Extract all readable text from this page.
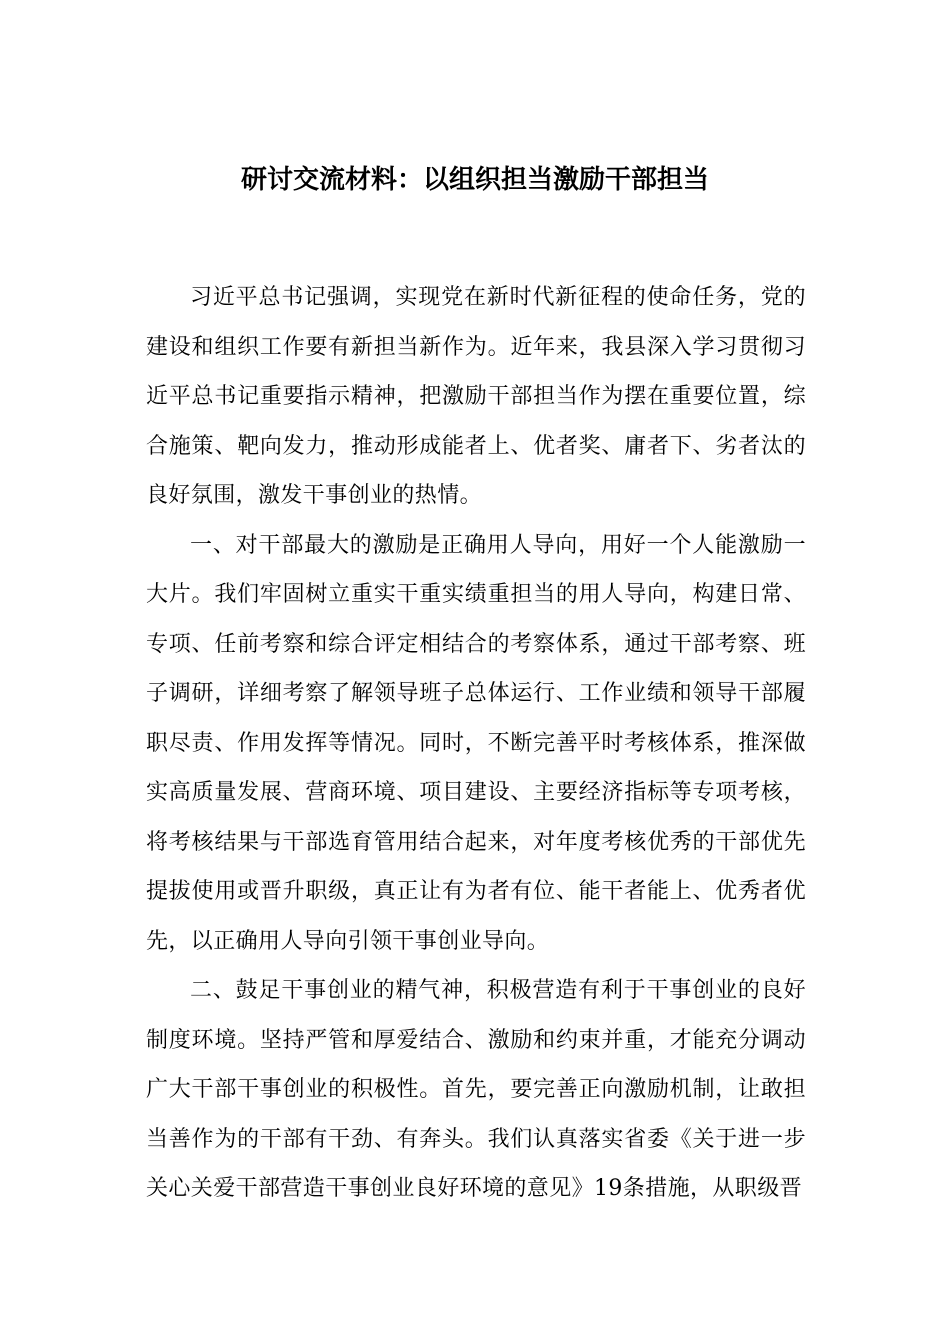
研讨交流材料：以组织担当激励干部担当

习近平总书记强调，实现党在新时代新征程的使命任务，党的建设和组织工作要有新担当新作为。近年来，我县深入学习贯彻习近平总书记重要指示精神，把激励干部担当作为摆在重要位置，综合施策、靶向发力，推动形成能者上、优者奖、庸者下、劣者汰的良好氛围，激发干事创业的热情。

一、对干部最大的激励是正确用人导向，用好一个人能激励一大片。我们牢固树立重实干重实绩重担当的用人导向，构建日常、专项、任前考察和综合评定相结合的考察体系，通过干部考察、班子调研，详细考察了解领导班子总体运行、工作业绩和领导干部履职尽责、作用发挥等情况。同时，不断完善平时考核体系，推深做实高质量发展、营商环境、项目建设、主要经济指标等专项考核，将考核结果与干部选育管用结合起来，对年度考核优秀的干部优先提拔使用或晋升职级，真正让有为者有位、能干者能上、优秀者优先，以正确用人导向引领干事创业导向。

二、鼓足干事创业的精气神，积极营造有利于干事创业的良好制度环境。坚持严管和厚爱结合、激励和约束并重，才能充分调动广大干部干事创业的积极性。首先，要完善正向激励机制，让敢担当善作为的干部有干劲、有奔头。我们认真落实省委《关于进一步关心关爱干部营造干事创业良好环境的意见》19条措施，从职级晋
